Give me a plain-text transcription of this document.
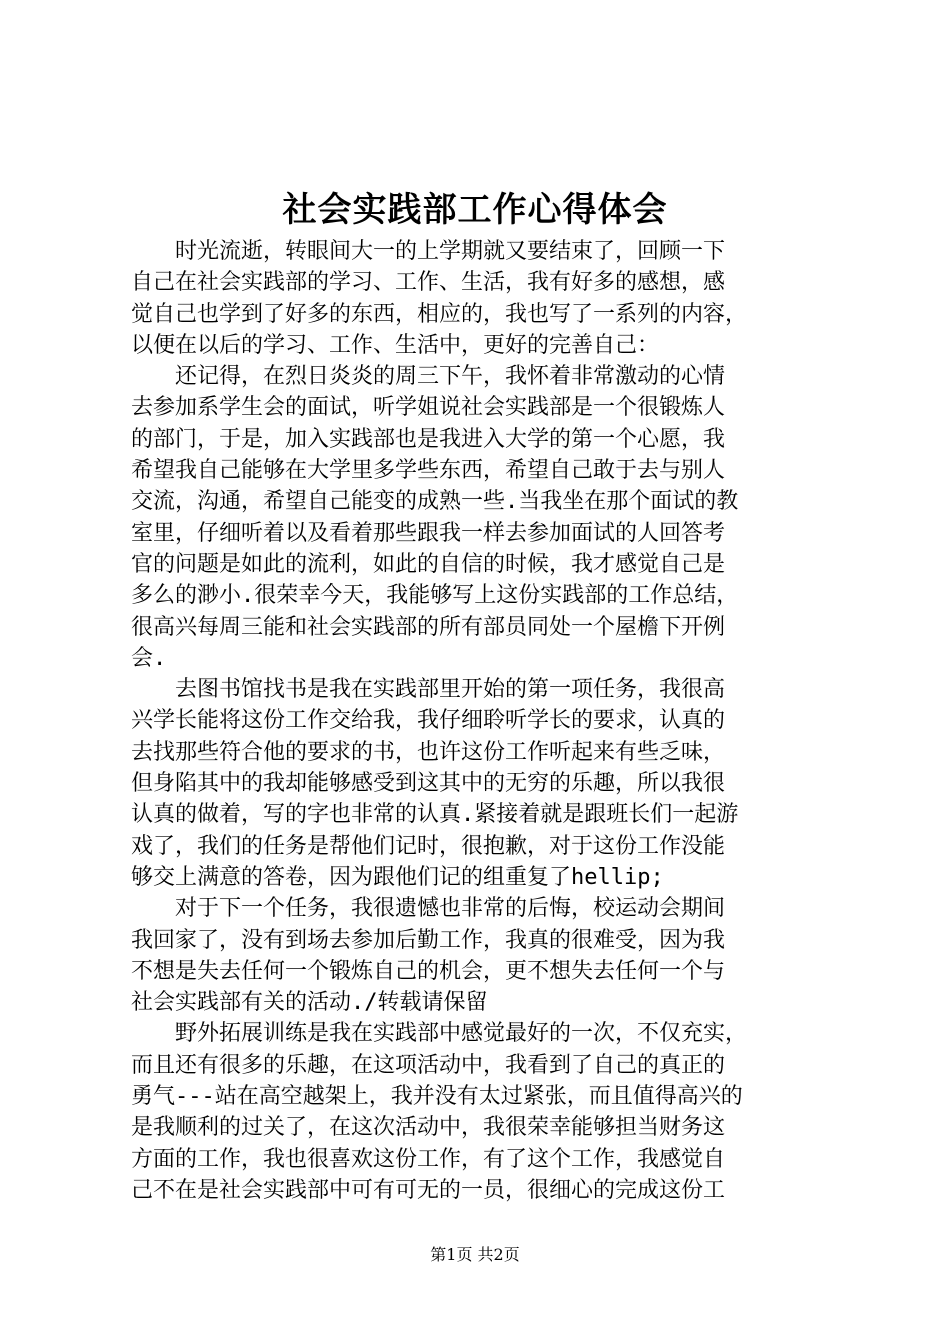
社会实践部工作心得体会
　　时光流逝，转眼间大一的上学期就又要结束了，回顾一下
自己在社会实践部的学习、工作、生活，我有好多的感想，感
觉自己也学到了好多的东西，相应的，我也写了一系列的内容，
以便在以后的学习、工作、生活中，更好的完善自己：
　　还记得，在烈日炎炎的周三下午，我怀着非常激动的心情
去参加系学生会的面试，听学姐说社会实践部是一个很锻炼人
的部门，于是，加入实践部也是我进入大学的第一个心愿，我
希望我自己能够在大学里多学些东西，希望自己敢于去与别人
交流，沟通，希望自己能变的成熟一些.当我坐在那个面试的教
室里，仔细听着以及看着那些跟我一样去参加面试的人回答考
官的问题是如此的流利，如此的自信的时候，我才感觉自己是
多么的渺小.很荣幸今天，我能够写上这份实践部的工作总结，
很高兴每周三能和社会实践部的所有部员同处一个屋檐下开例
会.
　　去图书馆找书是我在实践部里开始的第一项任务，我很高
兴学长能将这份工作交给我，我仔细聆听学长的要求，认真的
去找那些符合他的要求的书，也许这份工作听起来有些乏味，
但身陷其中的我却能够感受到这其中的无穷的乐趣，所以我很
认真的做着，写的字也非常的认真.紧接着就是跟班长们一起游
戏了，我们的任务是帮他们记时，很抱歉，对于这份工作没能
够交上满意的答卷，因为跟他们记的组重复了hellip;
　　对于下一个任务，我很遗憾也非常的后悔，校运动会期间
我回家了，没有到场去参加后勤工作，我真的很难受，因为我
不想是失去任何一个锻炼自己的机会，更不想失去任何一个与
社会实践部有关的活动./转载请保留
　　野外拓展训练是我在实践部中感觉最好的一次，不仅充实，
而且还有很多的乐趣，在这项活动中，我看到了自己的真正的
勇气---站在高空越架上，我并没有太过紧张，而且值得高兴的
是我顺利的过关了，在这次活动中，我很荣幸能够担当财务这
方面的工作，我也很喜欢这份工作，有了这个工作，我感觉自
己不在是社会实践部中可有可无的一员，很细心的完成这份工
第1页 共2页
